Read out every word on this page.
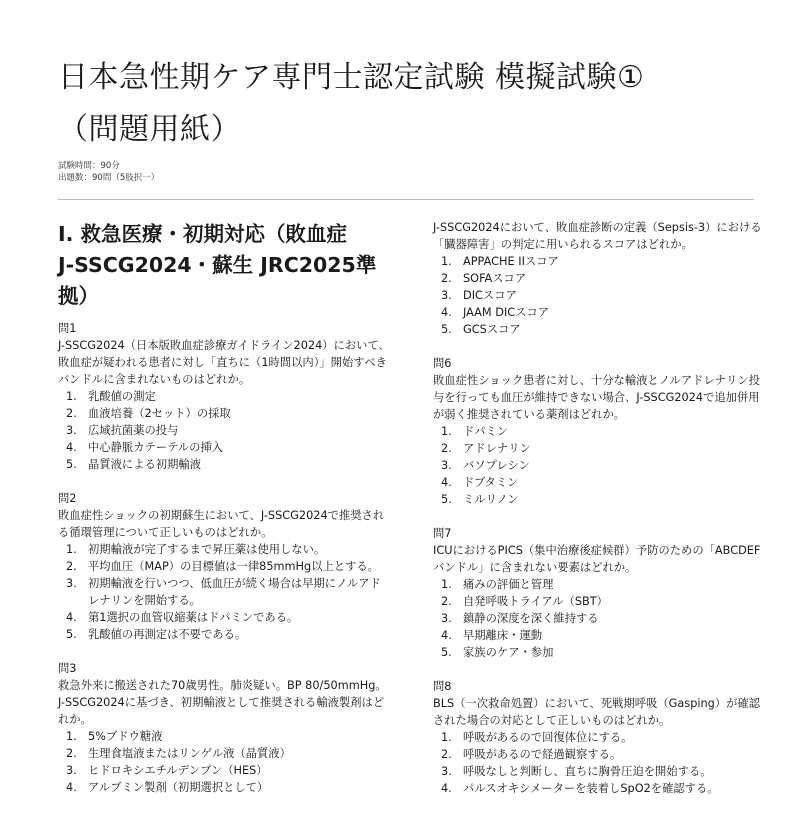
日本急性期ケア専門士認定試験 模擬試験①
（問題用紙）
試験時間：90分
出題数：90問（5肢択一）
I. 救急医療・初期対応（敗血症
J-SSCG2024・蘇生 JRC2025準
拠）
問1
J-SSCG2024（日本版敗血症診療ガイドライン2024）において、敗血症が疑われる患者に対し「直ちに（1時間以内）」開始すべきバンドルに含まれないものはどれか。
1. 乳酸値の測定
2. 血液培養（2セット）の採取
3. 広域抗菌薬の投与
4. 中心静脈カテーテルの挿入
5. 晶質液による初期輸液
問2
敗血症性ショックの初期蘇生において、J-SSCG2024で推奨される循環管理について正しいものはどれか。
1. 初期輸液が完了するまで昇圧薬は使用しない。
2. 平均血圧（MAP）の目標値は一律85mmHg以上とする。
3. 初期輸液を行いつつ、低血圧が続く場合は早期にノルアドレナリンを開始する。
4. 第1選択の血管収縮薬はドパミンである。
5. 乳酸値の再測定は不要である。
問3
救急外来に搬送された70歳男性。肺炎疑い。BP 80/50mmHg。J-SSCG2024に基づき、初期輸液として推奨される輸液製剤はどれか。
1. 5%ブドウ糖液
2. 生理食塩液またはリンゲル液（晶質液）
3. ヒドロキシエチルデンプン（HES）
4. アルブミン製剤（初期選択として）
J-SSCG2024において、敗血症診断の定義（Sepsis-3）における「臓器障害」の判定に用いられるスコアはどれか。
1. APPACHE IIスコア
2. SOFAスコア
3. DICスコア
4. JAAM DICスコア
5. GCSスコア
問6
敗血症性ショック患者に対し、十分な輸液とノルアドレナリン投与を行っても血圧が維持できない場合、J-SSCG2024で追加併用が弱く推奨されている薬剤はどれか。
1. ドパミン
2. アドレナリン
3. バソプレシン
4. ドブタミン
5. ミルリノン
問7
ICUにおけるPICS（集中治療後症候群）予防のための「ABCDEFバンドル」に含まれない要素はどれか。
1. 痛みの評価と管理
2. 自発呼吸トライアル（SBT）
3. 鎮静の深度を深く維持する
4. 早期離床・運動
5. 家族のケア・参加
問8
BLS（一次救命処置）において、死戦期呼吸（Gasping）が確認された場合の対応として正しいものはどれか。
1. 呼吸があるので回復体位にする。
2. 呼吸があるので経過観察する。
3. 呼吸なしと判断し、直ちに胸骨圧迫を開始する。
4. パルスオキシメーターを装着しSpO2を確認する。
